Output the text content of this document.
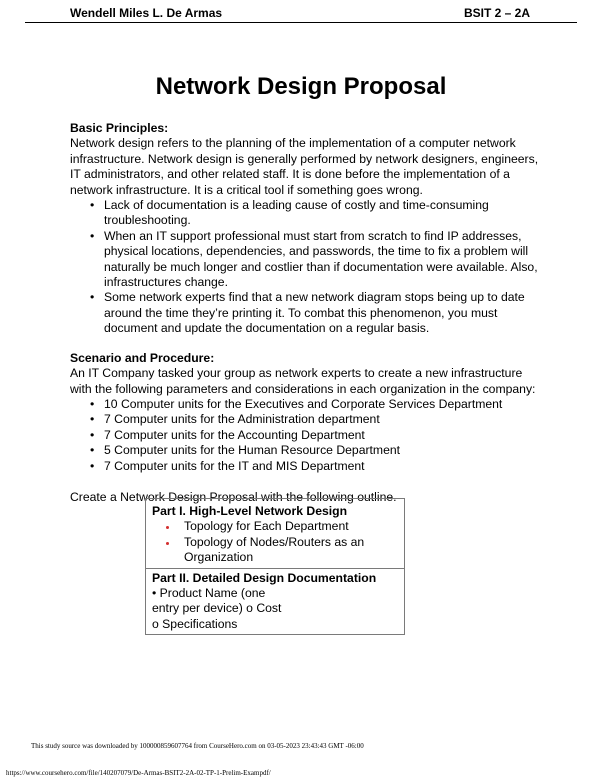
Wendell Miles L. De Armas	BSIT 2 – 2A
Network Design Proposal

Basic Principles:

Network design refers to the planning of the implementation of a computer network infrastructure. Network design is generally performed by network designers, engineers, IT administrators, and other related staff. It is done before the implementation of a network infrastructure. It is a critical tool if something goes wrong.

• Lack of documentation is a leading cause of costly and time-consuming troubleshooting.
• When an IT support professional must start from scratch to find IP addresses, physical locations, dependencies, and passwords, the time to fix a problem will naturally be much longer and costlier than if documentation were available. Also, infrastructures change.
• Some network experts find that a new network diagram stops being up to date around the time they’re printing it. To combat this phenomenon, you must document and update the documentation on a regular basis.

Scenario and Procedure:

An IT Company tasked your group as network experts to create a new infrastructure with the following parameters and considerations in each organization in the company:

• 10 Computer units for the Executives and Corporate Services Department
• 7 Computer units for the Administration department
• 7 Computer units for the Accounting Department
• 5 Computer units for the Human Resource Department
• 7 Computer units for the IT and MIS Department

Create a Network Design Proposal with the following outline.

Part I. High-Level Network Design
Topology for Each Department
Topology of Nodes/Routers as an Organization
Part II. Detailed Design Documentation
• Product Name (one
entry per device) o Cost
o Specifications
This study source was downloaded by 100000859607764 from CourseHero.com on 03-05-2023 23:43:43 GMT -06:00
https://www.coursehero.com/file/140207079/De-Armas-BSIT2-2A-02-TP-1-Prelim-Exampdf/
